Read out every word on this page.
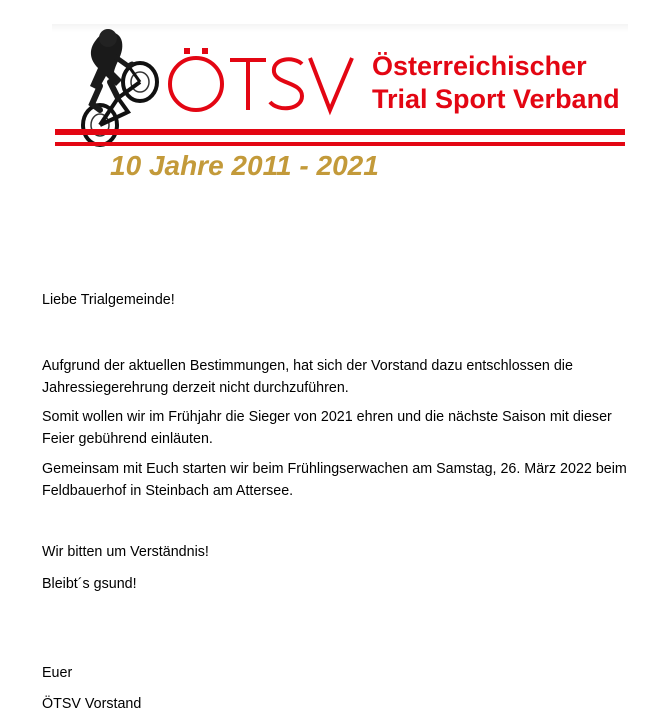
Österreichischer
Trial Sport Verband
10 Jahre 2011 - 2021

Liebe Trialgemeinde!

Aufgrund der aktuellen Bestimmungen, hat sich der Vorstand dazu entschlossen die

Jahressiegerehrung derzeit nicht durchzuführen.

Somit wollen wir im Frühjahr die Sieger von 2021 ehren und die nächste Saison mit dieser

Feier gebührend einläuten.

Gemeinsam mit Euch starten wir beim Frühlingserwachen am Samstag, 26. März 2022 beim

Feldbauerhof in Steinbach am Attersee.

Wir bitten um Verständnis!

Bleibt´s gsund!

Euer

ÖTSV Vorstand
